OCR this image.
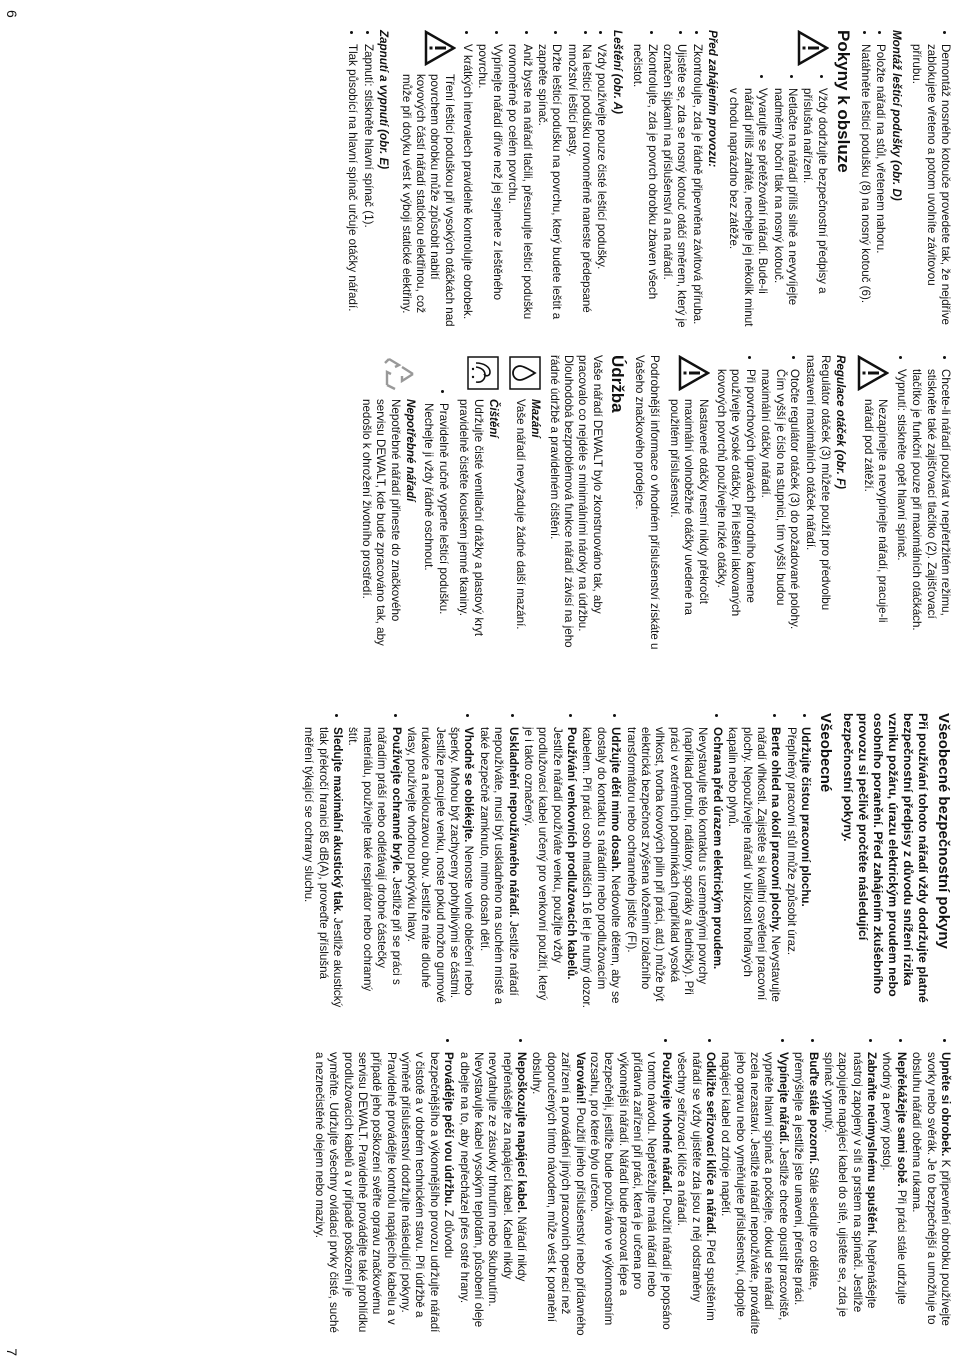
• Demontáž nosného kotouče provedete tak, že nejdříve zablokujete vřeteno a potom uvolníte závitovou přírubu.
Montáž lešticí podušky (obr. D)
• Položte nářadí na stůl, vřetenem nahoru.
• Natáhněte lešticí podušku (8) na nosný kotouč (6).
Pokyny k obsluze
• Vždy dodržujte bezpečnostní předpisy a příslušná nařízení.
• Netlačte na nářadí příliš silně a nevyvíjejte nadměrný boční tlak na nosný kotouč.
• Vyvarujte se přetěžování nářadí. Bude-li nářadí příliš zahřáté, nechejte jej několik minut v chodu naprázdno bez zátěže.
Před zahájením provozu:
• Zkontrolujte, zda je řádně připevněna závitová příruba.
• Ujistěte se, zda se nosný kotouč otáčí směrem, který je označen šipkami na příslušenství a na nářadí.
• Zkontrolujte, zda je povrch obrobku zbaven všech nečistot.
Leštění (obr. A)
• Vždy používejte pouze čisté lešticí podušky.
• Na lešticí podušku rovnoměrně naneste předepsané množství lešticí pasty.
• Držte lešticí podušku na povrchu, který budete leštit a zapněte spínač.
• Aniž byste na nářadí tlačili, přesunujte lešticí podušku rovnoměrně po celém povrchu.
• Vypínejte nářadí dříve než jej sejmete z leštěného povrchu.
• V krátkých intervalech pravidelně kontrolujte obrobek.

Tření lešticí poduškou při vysokých otáčkách nad povrchem obrobku může způsobit nabití kovových částí nářadí statickou elektřinou, což může při dotyku vést k výboji statické elektřiny.

Zapnutí a vypnutí (obr. E)
• Zapnutí: stiskněte hlavní spínač (1).
• Tlak působící na hlavní spínač určuje otáčky nářadí.
• Chcete-li nářadí používat v nepřetržitém režimu, stiskněte také zajišťovací tlačítko (2). Zajišťovací tlačítko je funkční pouze při maximálních otáčkách.
• Vypnutí: stiskněte opět hlavní spínač.

Nezapínejte a nevypínejte nářadí, pracuje-li nářadí pod zátěží.

Regulace otáček (obr. F)

Regulátor otáček (3) můžete použít pro předvolbu nastavení maximálních otáček nářadí.

• Otočte regulátor otáček (3) do požadované polohy. Čím vyšší je číslo na stupnici, tím vyšší budou maximální otáčky nářadí.
• Při povrchových úpravách přírodního kamene používejte vysoké otáčky. Při leštění lakovaných kovových povrchů používejte nízké otáčky.

Nastavené otáčky nesmí nikdy překročit maximální volnoběžné otáčky uvedené na použitém příslušenství.

Podrobnější informace o vhodném příslušenství získáte u Vašeho značkového prodejce.

Údržba

Vaše nářadí DEWALT bylo zkonstruováno tak, aby pracovalo co nejdéle s minimálními nároky na údržbu. Dlouhodobá bezproblémová funkce nářadí závisí na jeho řádné údržbě a pravidelném čištění.

Mazání

Vaše nářadí nevyžaduje žádné další mazání.

Čištění

Udržujte čisté ventilační drážky a plastový kryt pravidelně čistěte kouskem jemné tkaniny.

• Pravidelně ručně vyperte lešticí podušku. Nechejte ji vždy řádně oschnout.
Nepotřebné nářadí

Nepotřebné nářadí přineste do značkového servisu DEWALT, kde bude zpracováno tak, aby nedošlo k ohrožení životního prostředí.

6
Všeobecné bezpečnostní pokyny

Při používání tohoto nářadí vždy dodržujte platné bezpečnostní předpisy z důvodu snížení rizika vzniku požáru, úrazu elektrickým proudem nebo osobního poranění. Před zahájením zkušebního provozu si pečlivě pročtěte následující bezpečnostní pokyny.

Všeobecné
• Udržujte čistou pracovní plochu.
Přeplněný pracovní stůl může způsobit úraz.
• Berte ohled na okolí pracovní plochy. Nevystavujte nářadí vlhkosti. Zajistěte si kvalitní osvětlení pracovní plochy. Nepoužívejte nářadí v blízkosti hořlavých kapalin nebo plynů.
• Ochrana před úrazem elektrickým proudem. Nevystavujte tělo kontaktu s uzemněnými povrchy (například potrubí, radiátory, sporáky a ledničky). Při práci v extrémních podmínkách (například vysoká vlhkost, tvorba kovových pilin při práci, atd.) může být elektrická bezpečnost zvýšena vložením izolačního transformátoru nebo ochranného jističe (FI).
• Udržujte děti mimo dosah. Nedovolte dětem, aby se dostaly do kontaktu s nářadím nebo prodlužovacím kabelem. Při práci osob mladších 16 let je nutný dozor.
• Používání venkovních prodlužovacích kabelů. Jestliže nářadí používáte venku, použijte vždy prodlužovací kabel určený pro venkovní použití, který je i takto označený.
• Uskladnění nepoužívaného nářadí. Jestliže nářadí nepoužíváte, musí být uskladněno na suchém místě a také bezpečně zamknuto, mimo dosah dětí.
• Vhodně se oblékejte. Nenoste volné oblečení nebo šperky. Mohou být zachyceny pohyblivými se částmi. Jestliže pracujete venku, noste pokud možno gumové rukavice a neklouzavou obuv. Jestliže máte dlouhé vlasy, používejte vhodnou pokrývku hlavy.
• Používejte ochranné brýle. Jestliže při se práci s nářadím práší nebo odlétávají drobné částečky materiálu, používejte také respirátor nebo ochranný štít.
• Sledujte maximální akustický tlak. Jestliže akustický tlak překročí hranici 85 dB(A), proveďte příslušná měření týkající se ochrany sluchu.
• Upněte si obrobek. K připevnění obrobku používejte svorky nebo svěrák. Je to bezpečnější a umožňuje to obsluhu nářadí oběma rukama.
• Nepřekážejte sami sobě. Při práci stále udržujte vhodný a pevný postoj.
• Zabraňte neúmyslnému spuštění. Nepřenášejte nástroj zapojený v síti s prstem na spínači. Jestliže zapojujete napájecí kabel do sítě, ujistěte se, zda je spínač vypnutý.
• Buďte stále pozorní. Stále sledujte co děláte, přemýšlejte a jestliže jste unaveni, přerušte práci.
• Vypínejte nářadí. Jestliže chcete opustit pracoviště, vypněte hlavní spínač a počkejte, dokud se nářadí zcela nezastaví. Jestliže nářadí nepoužíváte, provádíte jeho opravu nebo vyměňujete příslušenství, odpojte napájecí kabel od zdroje napětí.
• Odkližte seřizovací klíče a nářadí. Před spuštěním nářadí se vždy ujistěte zda jsou z něj odstraněny všechny seřizovací klíče a nářadí.
• Používejte vhodné nářadí. Použití nářadí je popsáno v tomto návodu. Nepřetěžujte malá nářadí nebo přídavná zařízení při práci, která je určena pro výkonnější nářadí. Nářadí bude pracovat lépe a bezpečněji, jestliže bude používáno ve výkonnostním rozsahu, pro které bylo určeno.
Varování! Použití jiného příslušenství nebo přídavného zařízení a provádění jiných pracovních operací než doporučených tímto návodem, může vést k poranění obsluhy.
• Nepoškozujte napájecí kabel. Nářadí nikdy nepřenášejte za napájecí kabel. Kabel nikdy nevytahujte ze zásuvky trhnutím nebo škubnutím. Nevystavujte kabel vysokým teplotám, působení oleje a dbejte na to, aby nepřecházel přes ostré hrany.
• Provádějte péčí vou údržbu. Z důvodu bezpečnějšího a výkonnějšího provozu udržujte nářadí v čistotě a v dobrém technickém stavu. Při údržbě a výměně příslušenství dodržujte následující pokyny. Pravidelně provádějte kontrolu napájecího kabelu a v případě jeho poškození svěřte opravu značkovému servisu DEWALT. Pravidelně provádějte také prohlídku prodlužovacích kabelů a v případě poškození je vyměňte. Udržujte všechny ovládací prvky čisté, suché a neznečistěné olejem nebo mazivy.
7
